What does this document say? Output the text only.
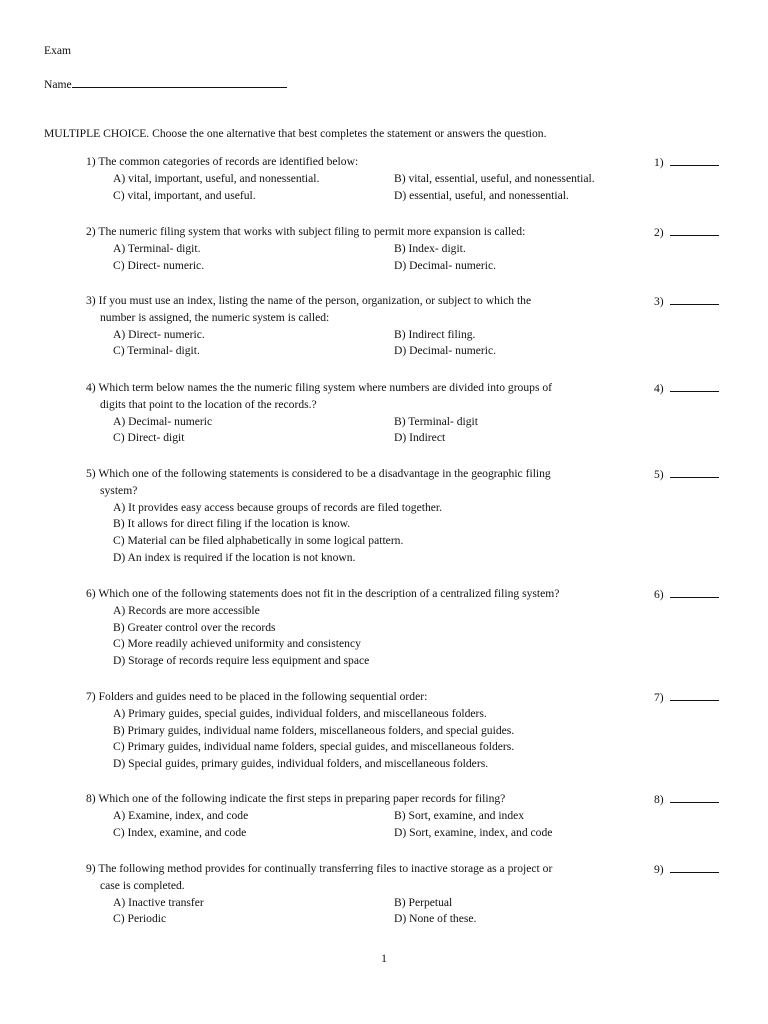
Exam
Name
MULTIPLE CHOICE. Choose the one alternative that best completes the statement or answers the question.
1) The common categories of records are identified below:
A) vital, important, useful, and nonessential.	B) vital, essential, useful, and nonessential.
C) vital, important, and useful.	D) essential, useful, and nonessential.
1)
2) The numeric filing system that works with subject filing to permit more expansion is called:
A) Terminal- digit.	B) Index- digit.
C) Direct- numeric.	D) Decimal- numeric.
2)
3) If you must use an index, listing the name of the person, organization, or subject to which the
number is assigned, the numeric system is called:
A) Direct- numeric.	B) Indirect filing.
C) Terminal- digit.	D) Decimal- numeric.
3)
4) Which term below names the the numeric filing system where numbers are divided into groups of
digits that point to the location of the records.?
A) Decimal- numeric	B) Terminal- digit
C) Direct- digit	D) Indirect
4)
5) Which one of the following statements is considered to be a disadvantage in the geographic filing
system?
A) It provides easy access because groups of records are filed together.
B) It allows for direct filing if the location is know.
C) Material can be filed alphabetically in some logical pattern.
D) An index is required if the location is not known.
5)
6) Which one of the following statements does not fit in the description of a centralized filing system?
A) Records are more accessible
B) Greater control over the records
C) More readily achieved uniformity and consistency
D) Storage of records require less equipment and space
6)
7) Folders and guides need to be placed in the following sequential order:
A) Primary guides, special guides, individual folders, and miscellaneous folders.
B) Primary guides, individual name folders, miscellaneous folders, and special guides.
C) Primary guides, individual name folders, special guides, and miscellaneous folders.
D) Special guides, primary guides, individual folders, and miscellaneous folders.
7)
8) Which one of the following indicate the first steps in preparing paper records for filing?
A) Examine, index, and code	B) Sort, examine, and index
C) Index, examine, and code	D) Sort, examine, index, and code
8)
9) The following method provides for continually transferring files to inactive storage as a project or
case is completed.
A) Inactive transfer	B) Perpetual
C) Periodic	D) None of these.
9)
1
